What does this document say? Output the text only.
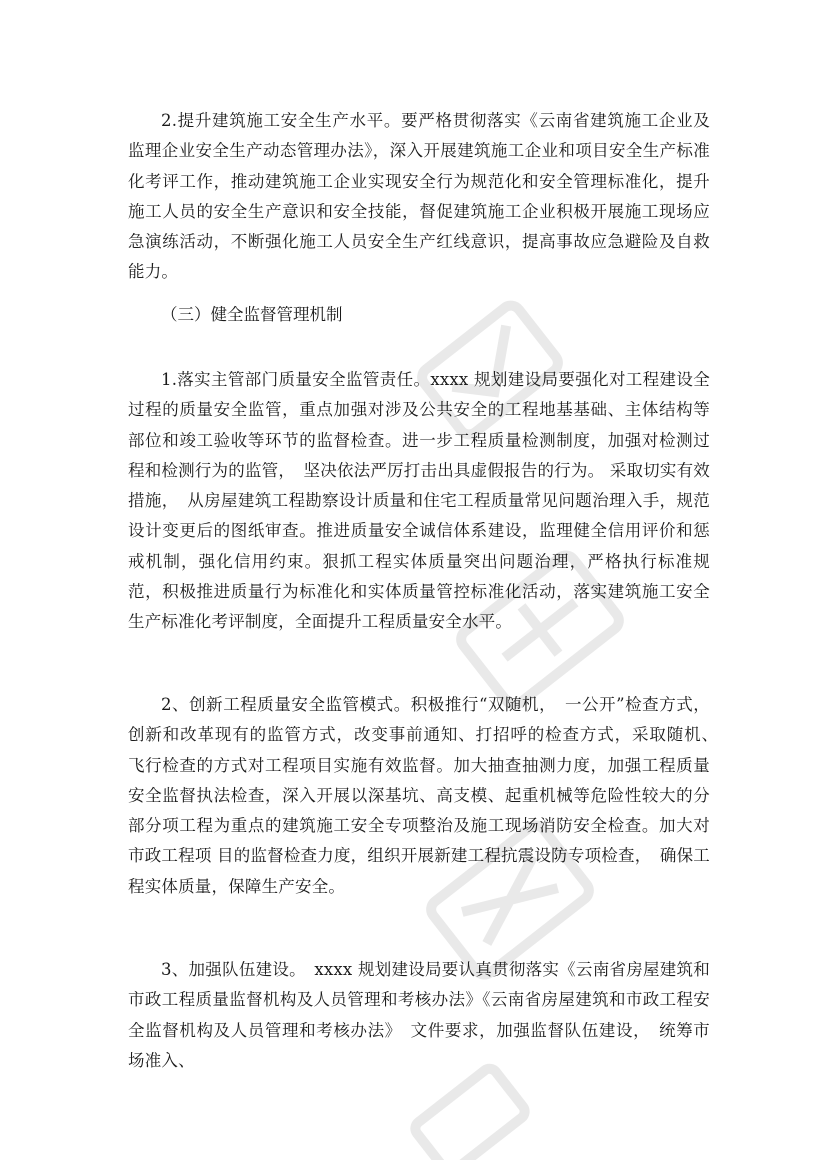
2.提升建筑施工安全生产水平。要严格贯彻落实《云南省建筑施工企业及监理企业安全生产动态管理办法》，深入开展建筑施工企业和项目安全生产标准化考评工作，推动建筑施工企业实现安全行为规范化和安全管理标准化，提升施工人员的安全生产意识和安全技能，督促建筑施工企业积极开展施工现场应急演练活动，不断强化施工人员安全生产红线意识，提高事故应急避险及自救能力。

（三）健全监督管理机制

1.落实主管部门质量安全监管责任。xxxx 规划建设局要强化对工程建设全过程的质量安全监管，重点加强对涉及公共安全的工程地基基础、主体结构等部位和竣工验收等环节的监督检查。进一步工程质量检测制度，加强对检测过程和检测行为的监管，　坚决依法严厉打击出具虚假报告的行为。 采取切实有效措施，　从房屋建筑工程勘察设计质量和住宅工程质量常见问题治理入手，规范设计变更后的图纸审查。推进质量安全诚信体系建设，监理健全信用评价和惩戒机制，强化信用约束。狠抓工程实体质量突出问题治理，严格执行标准规范，积极推进质量行为标准化和实体质量管控标准化活动，落实建筑施工安全生产标准化考评制度，全面提升工程质量安全水平。

2、创新工程质量安全监管模式。积极推行“双随机，　一公开”检查方式，创新和改革现有的监管方式，改变事前通知、打招呼的检查方式，采取随机、　飞行检查的方式对工程项目实施有效监督。加大抽查抽测力度，加强工程质量安全监督执法检查，深入开展以深基坑、高支模、起重机械等危险性较大的分部分项工程为重点的建筑施工安全专项整治及施工现场消防安全检查。加大对市政工程项 目的监督检查力度，组织开展新建工程抗震设防专项检查，　确保工程实体质量，保障生产安全。

3、加强队伍建设。　xxxx 规划建设局要认真贯彻落实《云南省房屋建筑和市政工程质量监督机构及人员管理和考核办法》《云南省房屋建筑和市政工程安全监督机构及人员管理和考核办法》　文件要求，加强监督队伍建设，　统筹市场准入、
